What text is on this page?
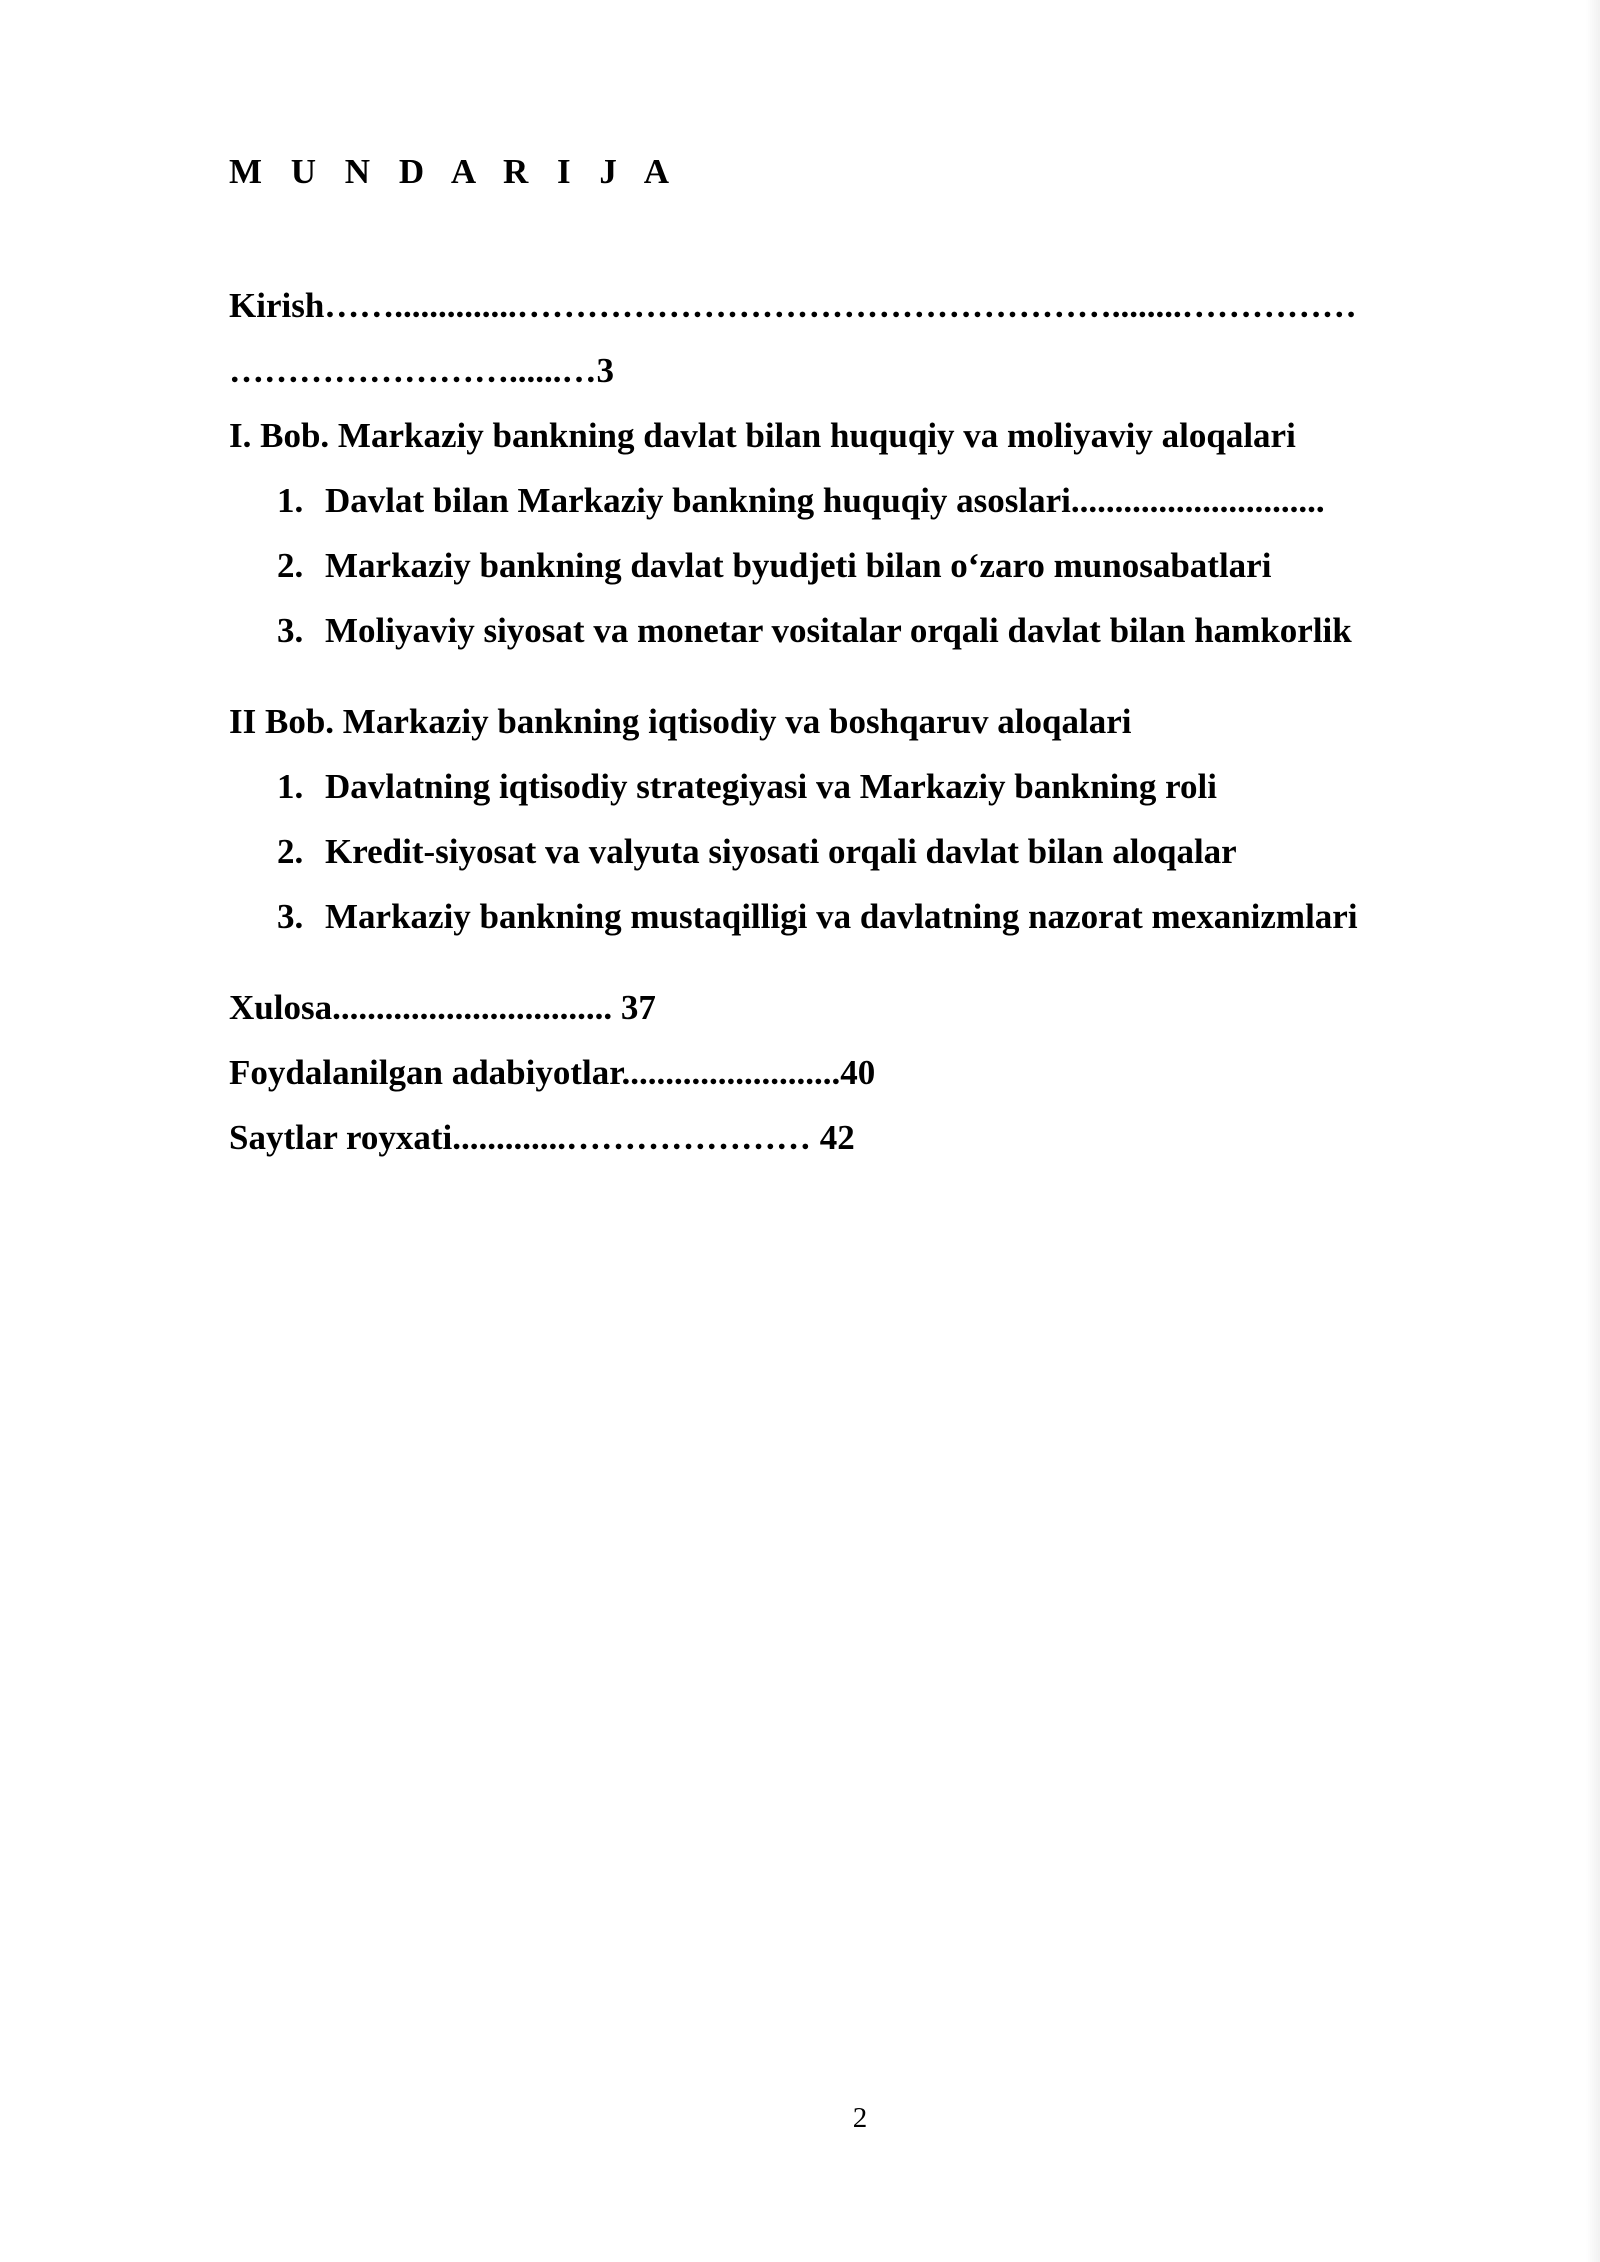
M U N D A R I J A
Kirish……..............……………………………………………........……………
……………………......…3
I. Bob. Markaziy bankning davlat bilan huquqiy va moliyaviy aloqalari
1. Davlat bilan Markaziy bankning huquqiy asoslari.............................
2. Markaziy bankning davlat byudjeti bilan o‘zaro munosabatlari
3. Moliyaviy siyosat va monetar vositalar orqali davlat bilan hamkorlik
II Bob. Markaziy bankning iqtisodiy va boshqaruv aloqalari
1. Davlatning iqtisodiy strategiyasi va Markaziy bankning roli
2. Kredit-siyosat va valyuta siyosati orqali davlat bilan aloqalar
3. Markaziy bankning mustaqilligi va davlatning nazorat mexanizmlari
Xulosa................................ 37
Foydalanilgan adabiyotlar.........................40
Saytlar royxati.............………………… 42
2
